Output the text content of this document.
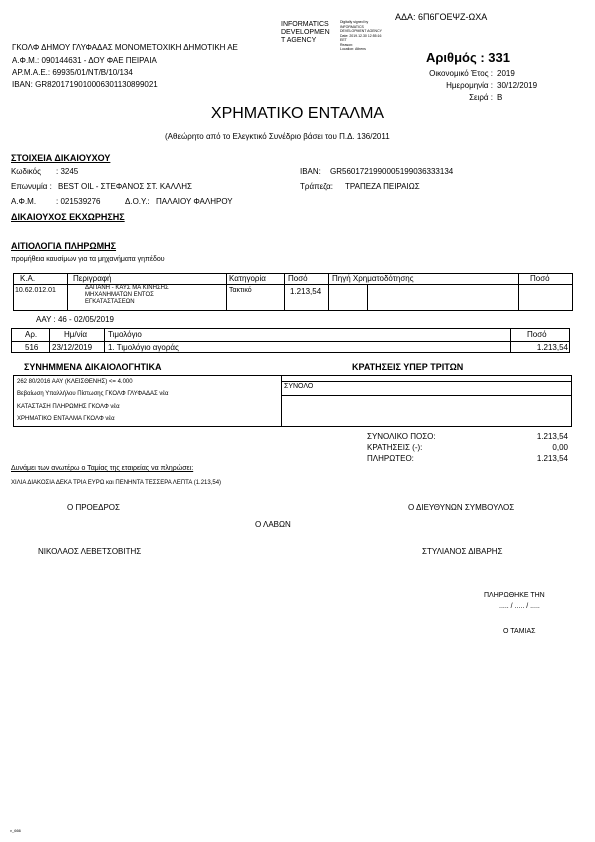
ΑΔΑ: 6Π6ΓΟΕΨΖ-ΩΧΑ
INFORMATICS
DEVELOPMEN
T AGENCY
Digitally signed by
INFORMATICS
DEVELOPMENT AGENCY
Date: 2019.12.30 12:55:16
EET
Reason:
Location: Athens
ΓΚΟΛΦ ΔΗΜΟΥ ΓΛΥΦΑΔΑΣ ΜΟΝΟΜΕΤΟΧΙΚΗ ΔΗΜΟΤΙΚΗ ΑΕ
Α.Φ.Μ.: 090144631 - ΔΟΥ ΦΑΕ ΠΕΙΡΑΙΑ
ΑΡ.Μ.Α.Ε.: 69935/01/ΝΤ/Β/10/134
IBAN: GR8201719010006301130899021
Αριθμός : 331
Οικονομικό Έτος : 2019
Ημερομηνία : 30/12/2019
Σειρά : Β
ΧΡΗΜΑΤΙΚΟ ΕΝΤΑΛΜΑ
(Αθεώρητο από το Ελεγκτικό Συνέδριο βάσει του Π.Δ. 136/2011
ΣΤΟΙΧΕΙΑ ΔΙΚΑΙΟΥΧΟΥ
Κωδικός : 3245
Επωνυμία : BEST OIL - ΣΤΕΦΑΝΟΣ ΣΤ. ΚΑΛΛΗΣ
Α.Φ.Μ. : 021539276	Δ.Ο.Υ.: ΠΑΛΑΙΟΥ ΦΑΛΗΡΟΥ
IBAN: GR5601721990005199036333134
Τράπεζα: ΤΡΑΠΕΖΑ ΠΕΙΡΑΙΩΣ
ΔΙΚΑΙΟΥΧΟΣ ΕΚΧΩΡΗΣΗΣ
ΑΙΤΙΟΛΟΓΙΑ ΠΛΗΡΩΜΗΣ
προμήθεια καυσίμων για τα μηχανήματα γηπέδου
Κ.Α.	Περιγραφή	Κατηγορία	Ποσό	Πηγή Χρηματοδότησης	Ποσό
10.62.012.01	ΔΑΠΑΝΗ - ΚΑΥΣ ΜΑ ΚΙΝΗΣΗΣ
ΜΗΧΑΝΗΜΑΤΩΝ ΕΝΤΟΣ
ΕΓΚΑΤΑΣΤΑΣΕΩΝ
Τακτικό	1.213,54
ΑΑΥ : 46 - 02/05/2019
Αρ.	Ημ/νία	Τιμολόγιο	Ποσό
516 23/12/2019 1. Τιμολόγιο αγοράς	1.213,54
ΣΥΝΗΜΜΕΝΑ ΔΙΚΑΙΟΛΟΓΗΤΙΚΑ	ΚΡΑΤΗΣΕΙΣ ΥΠΕΡ ΤΡΙΤΩΝ
ΣΥΝΟΛΟ
262 80/2016 ΑΑΥ (ΚΛΕΙΣΘΕΝΗΣ) <= 4.000
Βεβαίωση Υπαλλήλου Πίστωσης ΓΚΟΛΦ ΓΛΥΦΑΔΑΣ νέα
ΚΑΤΑΣΤΑΣΗ ΠΛΗΡΩΜΗΣ ΓΚΟΛΦ νέα
ΧΡΗΜΑΤΙΚΟ ΕΝΤΑΛΜΑ ΓΚΟΛΦ νέα
ΣΥΝΟΛΙΚΟ ΠΟΣΟ:	1.213,54
ΚΡΑΤΗΣΕΙΣ (-):	0,00
ΠΛΗΡΩΤΕΟ:	1.213,54
Δυνάμει των ανωτέρω ο Ταμίας της εταιρείας να πληρώσει:
ΧΙΛΙΑ ΔΙΑΚΟΣΙΑ ΔΕΚΑ ΤΡΙΑ ΕΥΡΩ και ΠΕΝΗΝΤΑ ΤΕΣΣΕΡΑ ΛΕΠΤΑ (1.213,54)
Ο ΠΡΟΕΔΡΟΣ	Ο ΔΙΕΥΘΥΝΩΝ ΣΥΜΒΟΥΛΟΣ
Ο ΛΑΒΩΝ
ΝΙΚΟΛΑΟΣ ΛΕΒΕΤΣΟΒΙΤΗΣ	ΣΤΥΛΙΑΝΟΣ ΔΙΒΑΡΗΣ
ΠΛΗΡΩΘΗΚΕ ΤΗΝ
..... / ..... / .....
Ο ΤΑΜΙΑΣ
ν_666
